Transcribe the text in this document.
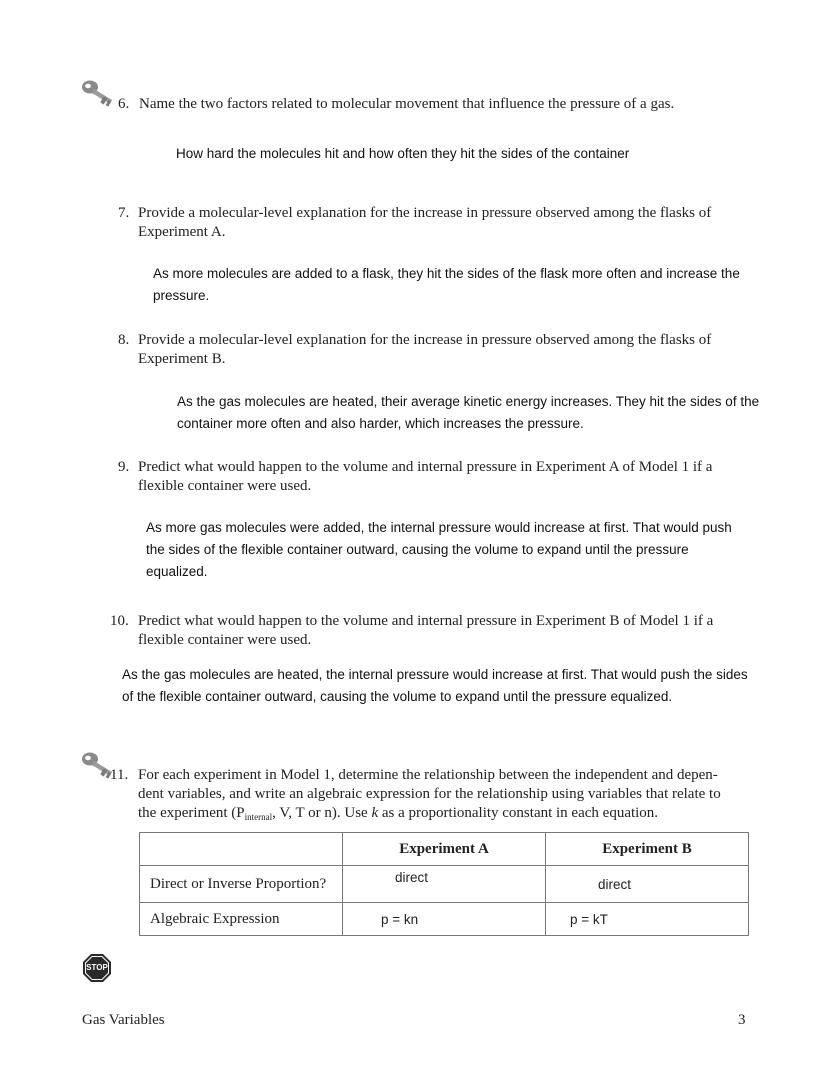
6. Name the two factors related to molecular movement that influence the pressure of a gas.
How hard the molecules hit and how often they hit the sides of the container
7. Provide a molecular-level explanation for the increase in pressure observed among the flasks of
Experiment A.
As more molecules are added to a flask, they hit the sides of the flask more often and increase the
pressure.
8. Provide a molecular-level explanation for the increase in pressure observed among the flasks of
Experiment B.
As the gas molecules are heated, their average kinetic energy increases. They hit the sides of the
container more often and also harder, which increases the pressure.
9. Predict what would happen to the volume and internal pressure in Experiment A of Model 1 if a
flexible container were used.
As more gas molecules were added, the internal pressure would increase at first. That would push
the sides of the flexible container outward, causing the volume to expand until the pressure
equalized.
10. Predict what would happen to the volume and internal pressure in Experiment B of Model 1 if a
flexible container were used.
As the gas molecules are heated, the internal pressure would increase at first. That would push the sides
of the flexible container outward, causing the volume to expand until the pressure equalized.
11. For each experiment in Model 1, determine the relationship between the independent and depen-
dent variables, and write an algebraic expression for the relationship using variables that relate to
the experiment ($P_{internal}$, V, T or n). Use k as a proportionality constant in each equation.
	Experiment A	Experiment B
Direct or Inverse Proportion?	direct	direct
Algebraic Expression	p = kn	p = kT
STOP
Gas Variables	3
